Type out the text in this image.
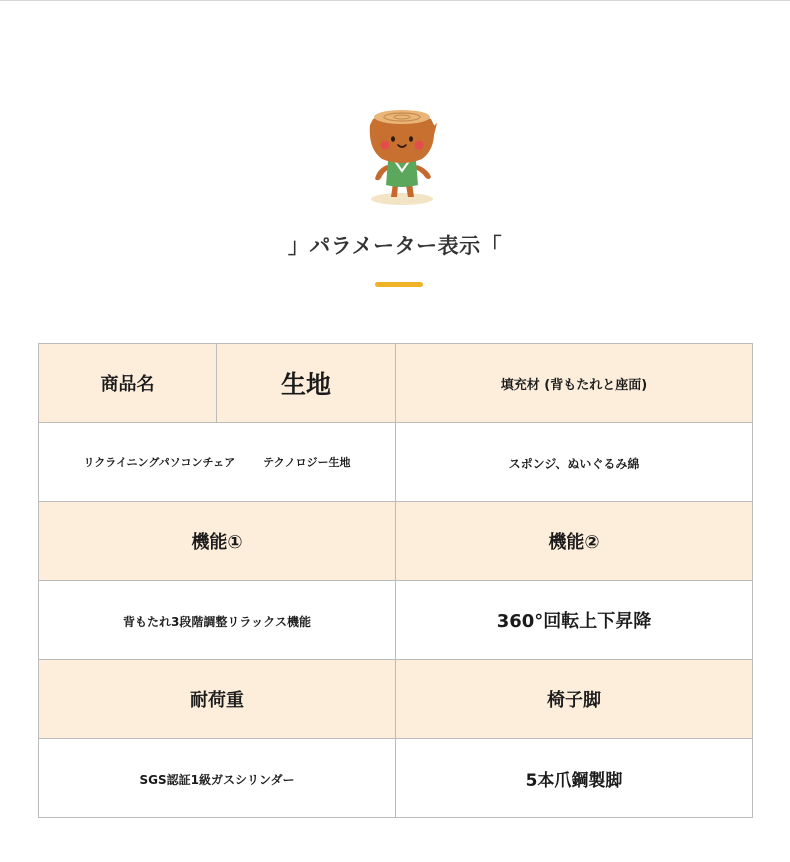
」パラメーター表示「
商品名	生地	填充材 (背もたれと座面)

リクライニングパソコンチェア テクノロジー生地		スポンジ、ぬいぐるみ綿
機能①		機能②
背もたれ3段階調整リラックス機能		360°回転上下昇降
耐荷重		椅子脚
SGS認証1級ガスシリンダー		5本爪鋼製脚
